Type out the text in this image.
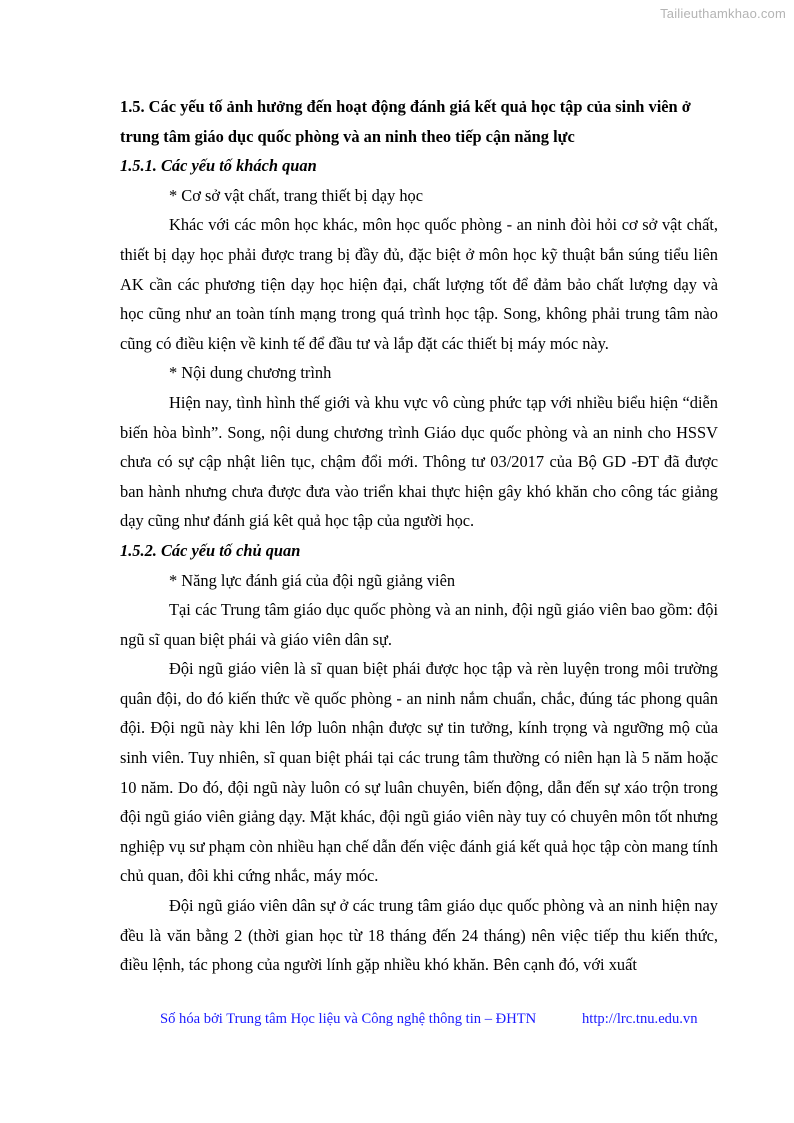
Tailieuthamkhao.com

1.5. Các yếu tố ảnh hưởng đến hoạt động đánh giá kết quả học tập của sinh viên ở trung tâm giáo dục quốc phòng và an ninh theo tiếp cận năng lực

1.5.1. Các yếu tố khách quan

* Cơ sở vật chất, trang thiết bị dạy học

Khác với các môn học khác, môn học quốc phòng - an ninh đòi hỏi cơ sở vật chất, thiết bị dạy học phải được trang bị đầy đủ, đặc biệt ở môn học kỹ thuật bắn súng tiểu liên AK cần các phương tiện dạy học hiện đại, chất lượng tốt để đảm bảo chất lượng dạy và học cũng như an toàn tính mạng trong quá trình học tập. Song, không phải trung tâm nào cũng có điều kiện về kinh tế để đầu tư và lắp đặt các thiết bị máy móc này.

* Nội dung chương trình

Hiện nay, tình hình thế giới và khu vực vô cùng phức tạp với nhiều biểu hiện “diễn biến hòa bình”. Song, nội dung chương trình Giáo dục quốc phòng và an ninh cho HSSV chưa có sự cập nhật liên tục, chậm đổi mới. Thông tư 03/2017 của Bộ GD -ĐT đã được ban hành nhưng chưa được đưa vào triển khai thực hiện gây khó khăn cho công tác giảng dạy cũng như đánh giá kêt quả học tập của người học.

1.5.2. Các yếu tố chủ quan

* Năng lực đánh giá của đội ngũ giảng viên

Tại các Trung tâm giáo dục quốc phòng và an ninh, đội ngũ giáo viên bao gồm: đội ngũ sĩ quan biệt phái và giáo viên dân sự.

Đội ngũ giáo viên là sĩ quan biệt phái được học tập và rèn luyện trong môi trường quân đội, do đó kiến thức về quốc phòng - an ninh nắm chuẩn, chắc, đúng tác phong quân đội. Đội ngũ này khi lên lớp luôn nhận được sự tin tưởng, kính trọng và ngưỡng mộ của sinh viên. Tuy nhiên, sĩ quan biệt phái tại các trung tâm thường có niên hạn là 5 năm hoặc 10 năm. Do đó, đội ngũ này luôn có sự luân chuyên, biến động, dẫn đến sự xáo trộn trong đội ngũ giáo viên giảng dạy. Mặt khác, đội ngũ giáo viên này tuy có chuyên môn tốt nhưng nghiệp vụ sư phạm còn nhiều hạn chế dẫn đến việc đánh giá kết quả học tập còn mang tính chủ quan, đôi khi cứng nhắc, máy móc.

Đội ngũ giáo viên dân sự ở các trung tâm giáo dục quốc phòng và an ninh hiện nay đều là văn bằng 2 (thời gian học từ 18 tháng đến 24 tháng) nên việc tiếp thu kiến thức, điều lệnh, tác phong của người lính gặp nhiều khó khăn. Bên cạnh đó, với xuất

Số hóa bởi Trung tâm Học liệu và Công nghệ thông tin – ĐHTN	http://lrc.tnu.edu.vn
